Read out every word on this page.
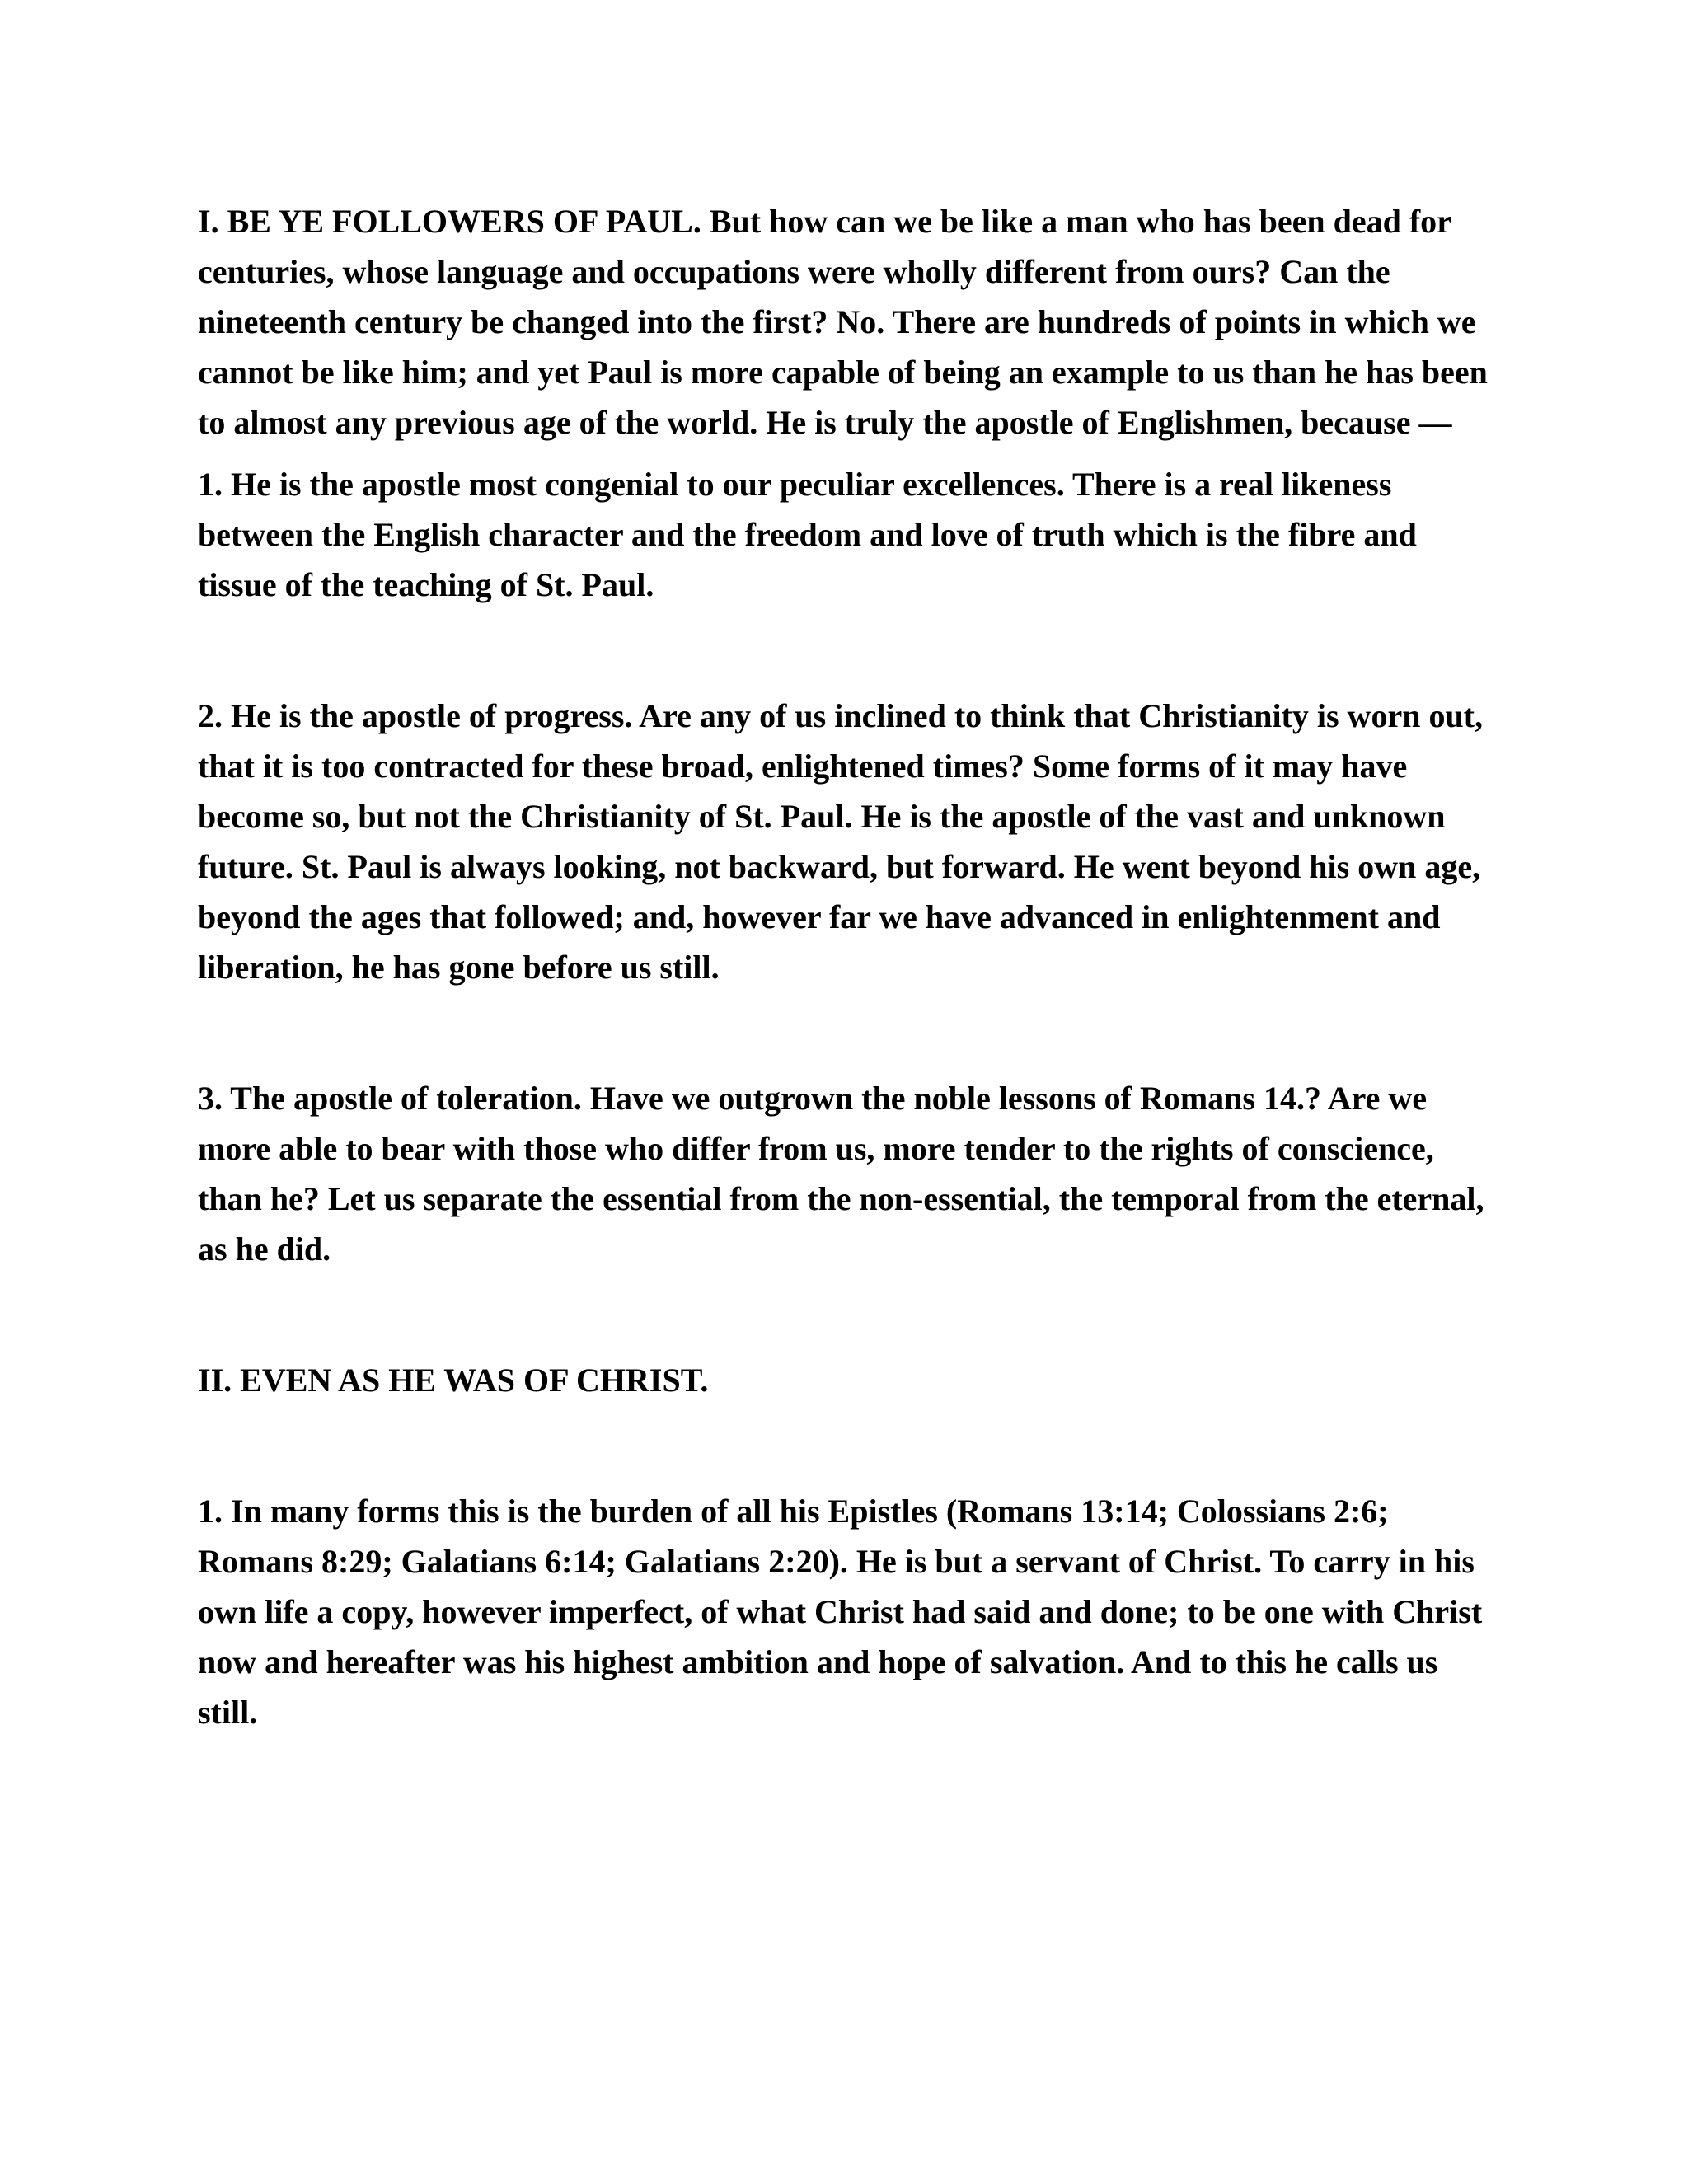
I. BE YE FOLLOWERS OF PAUL. But how can we be like a man who has been dead for centuries, whose language and occupations were wholly different from ours? Can the nineteenth century be changed into the first? No. There are hundreds of points in which we cannot be like him; and yet Paul is more capable of being an example to us than he has been to almost any previous age of the world. He is truly the apostle of Englishmen, because —

1. He is the apostle most congenial to our peculiar excellences. There is a real likeness between the English character and the freedom and love of truth which is the fibre and tissue of the teaching of St. Paul.

2. He is the apostle of progress. Are any of us inclined to think that Christianity is worn out, that it is too contracted for these broad, enlightened times? Some forms of it may have become so, but not the Christianity of St. Paul. He is the apostle of the vast and unknown future. St. Paul is always looking, not backward, but forward. He went beyond his own age, beyond the ages that followed; and, however far we have advanced in enlightenment and liberation, he has gone before us still.

3. The apostle of toleration. Have we outgrown the noble lessons of Romans 14.? Are we more able to bear with those who differ from us, more tender to the rights of conscience, than he? Let us separate the essential from the non-essential, the temporal from the eternal, as he did.

II. EVEN AS HE WAS OF CHRIST.

1. In many forms this is the burden of all his Epistles (Romans 13:14; Colossians 2:6; Romans 8:29; Galatians 6:14; Galatians 2:20). He is but a servant of Christ. To carry in his own life a copy, however imperfect, of what Christ had said and done; to be one with Christ now and hereafter was his highest ambition and hope of salvation. And to this he calls us still.
